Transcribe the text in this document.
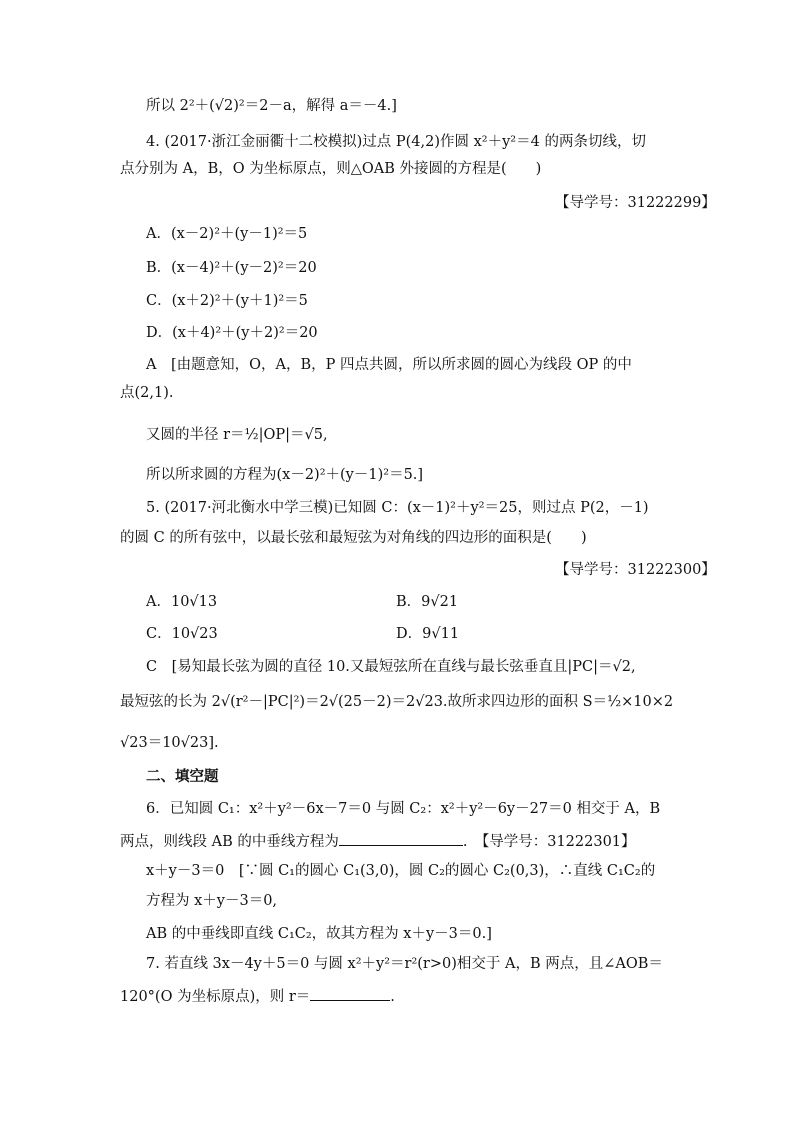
所以 2²＋(√2)²＝2－a，解得 a＝－4.]
4. (2017·浙江金丽衢十二校模拟)过点 P(4,2)作圆 x²＋y²＝4 的两条切线，切
点分别为 A，B，O 为坐标原点，则△OAB 外接圆的方程是(　　)
【导学号：31222299】
A．(x－2)²＋(y－1)²＝5
B．(x－4)²＋(y－2)²＝20
C．(x＋2)²＋(y＋1)²＝5
D．(x＋4)²＋(y＋2)²＝20
A　[由题意知，O，A，B，P 四点共圆，所以所求圆的圆心为线段 OP 的中
点(2,1).
又圆的半径 r＝½|OP|＝√5,
所以所求圆的方程为(x－2)²＋(y－1)²＝5.]
5. (2017·河北衡水中学三模)已知圆 C：(x－1)²＋y²＝25，则过点 P(2，－1)
的圆 C 的所有弦中，以最长弦和最短弦为对角线的四边形的面积是(　　)
【导学号：31222300】
A．10√13	B．9√21
C．10√23	D．9√11
C　[易知最长弦为圆的直径 10.又最短弦所在直线与最长弦垂直且|PC|＝√2,
最短弦的长为 2√(r²－|PC|²)＝2√(25－2)＝2√23.故所求四边形的面积 S＝½×10×2
√23＝10√23].
二、填空题
6．已知圆 C₁：x²＋y²－6x－7＝0 与圆 C₂：x²＋y²－6y－27＝0 相交于 A，B
两点，则线段 AB 的中垂线方程为	.　【导学号：31222301】
x＋y－3＝0　[∵圆 C₁的圆心 C₁(3,0)，圆 C₂的圆心 C₂(0,3)，∴直线 C₁C₂的
方程为 x＋y－3＝0,
AB 的中垂线即直线 C₁C₂，故其方程为 x＋y－3＝0.]
7. 若直线 3x－4y＋5＝0 与圆 x²＋y²＝r²(r>0)相交于 A，B 两点，且∠AOB＝
120°(O 为坐标原点)，则 r＝	.
